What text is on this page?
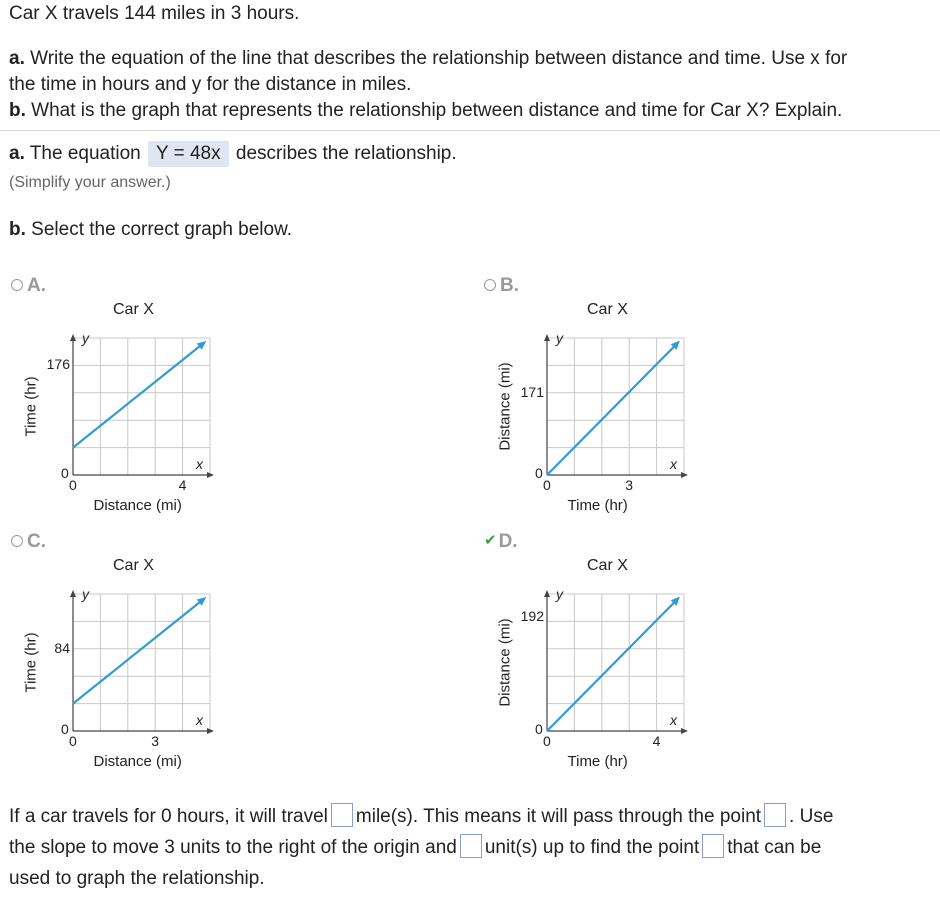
Car X travels 144 miles in 3 hours.
a. Write the equation of the line that describes the relationship between distance and time. Use x for
the time in hours and y for the distance in miles.
b. What is the graph that represents the relationship between distance and time for Car X? Explain.
a. The equation Y = 48x describes the relationship.
(Simplify your answer.)
b. Select the correct graph below.
A.
Car X
y
x
176
0
0	4
Distance (mi)
Time (hr)
B.
Car X
y
x
171
0
0	3
Time (hr)
Distance (mi)
C.
Car X
y
x
84
0
0	3
Distance (mi)
Time (hr)
✔ D.
Car X
y
x
192
0
0	4
Time (hr)
Distance (mi)
If a car travels for 0 hours, it will travel mile(s). This means it will pass through the point . Use
the slope to move 3 units to the right of the origin and unit(s) up to find the point that can be
used to graph the relationship.
